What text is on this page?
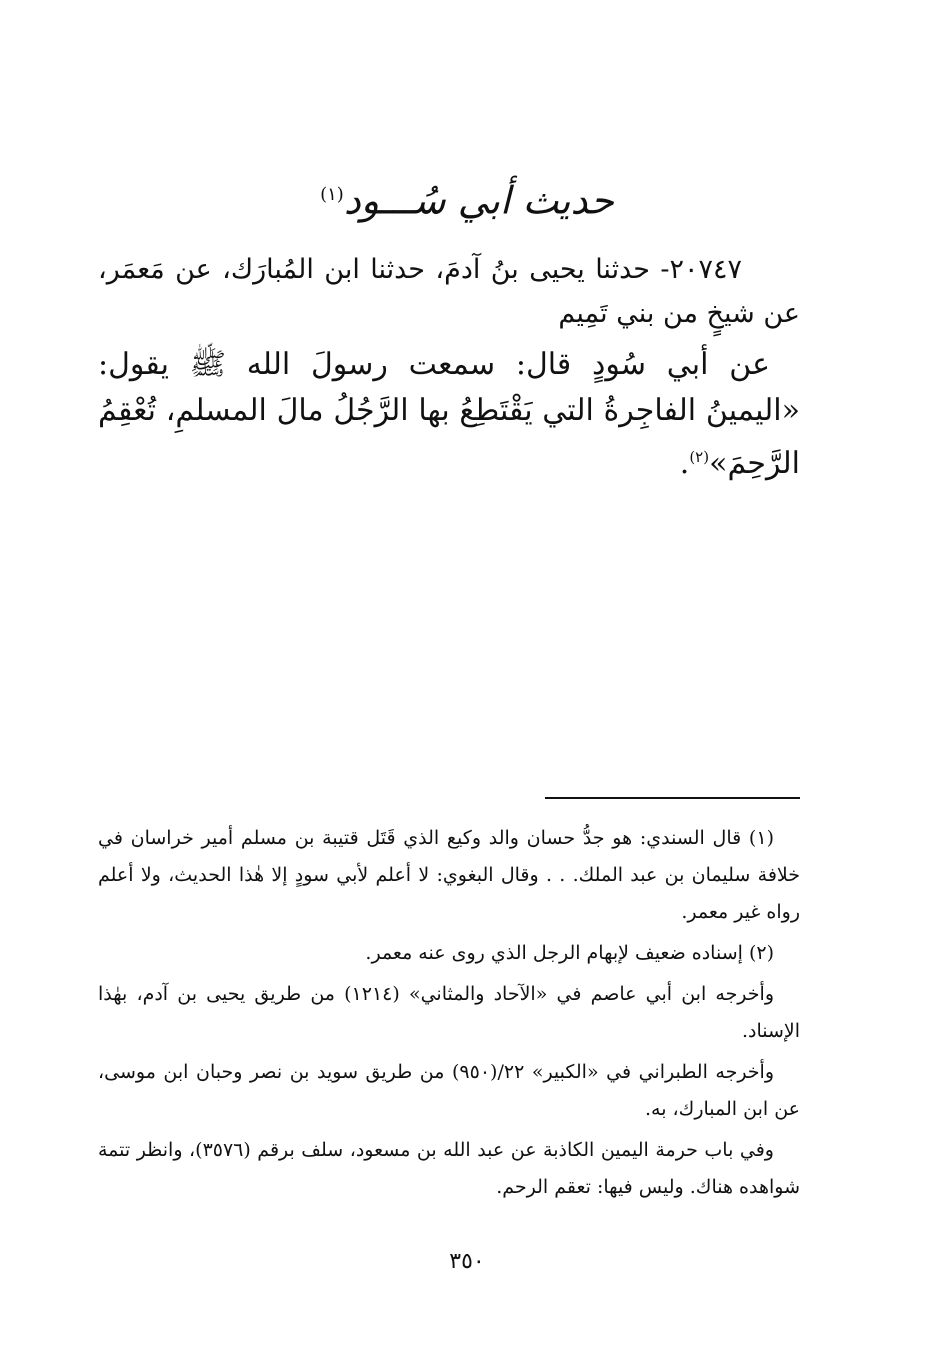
حديث أبي سُـــود$^{(١)}$

٢٠٧٤٧- حدثنا يحيى بنُ آدمَ، حدثنا ابن المُبارَك، عن مَعمَر، عن شيخٍ من بني تَمِيم

عن أبي سُودٍ قال: سمعت رسولَ الله ﷺ يقول: «اليمينُ الفاجِرةُ التي يَقْتَطِعُ بها الرَّجُلُ مالَ المسلمِ، تُعْقِمُ الرَّحِمَ»$^{(٢)}$.

(١) قال السندي: هو جدُّ حسان والد وكيع الذي قَتَل قتيبة بن مسلم أمير خراسان في خلافة سليمان بن عبد الملك. . . وقال البغوي: لا أعلم لأبي سودٍ إلا هٰذا الحديث، ولا أعلم رواه غير معمر.

(٢) إسناده ضعيف لإبهام الرجل الذي روى عنه معمر.

وأخرجه ابن أبي عاصم في «الآحاد والمثاني» (١٢١٤) من طريق يحيى بن آدم، بهٰذا الإسناد.

وأخرجه الطبراني في «الكبير» ٢٢/(٩٥٠) من طريق سويد بن نصر وحبان ابن موسى، عن ابن المبارك، به.

وفي باب حرمة اليمين الكاذبة عن عبد الله بن مسعود، سلف برقم (٣٥٧٦)، وانظر تتمة شواهده هناك. وليس فيها: تعقم الرحم.

٣٥٠
